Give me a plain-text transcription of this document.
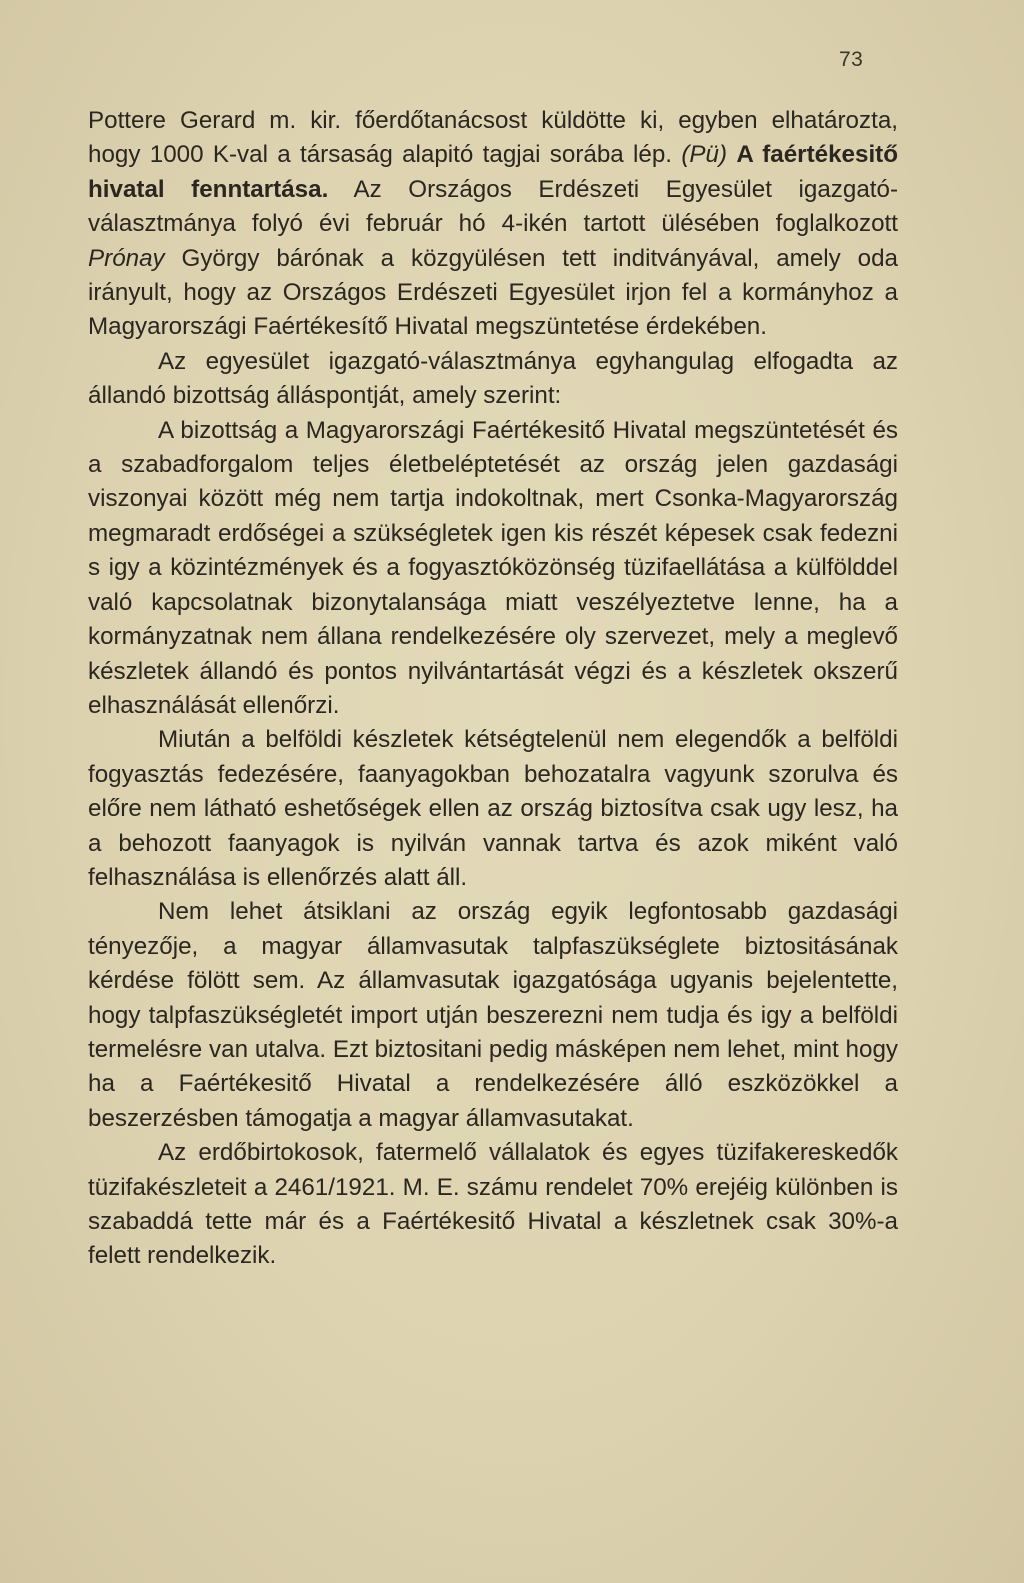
73

Pottere Gerard m. kir. főerdőtanácsost küldötte ki, egyben elhatározta, hogy 1000 K-val a társaság alapitó tagjai sorába lép. (Pü) A faértékesitő hivatal fenntartása. Az Országos Erdészeti Egyesület igazgató-választmánya folyó évi február hó 4-ikén tartott ülésében foglalkozott Prónay György bárónak a közgyülésen tett inditványával, amely oda irányult, hogy az Országos Erdészeti Egyesület irjon fel a kormányhoz a Magyarországi Faértékesítő Hivatal megszüntetése érdekében.

Az egyesület igazgató-választmánya egyhangulag elfogadta az állandó bizottság álláspontját, amely szerint:

A bizottság a Magyarországi Faértékesitő Hivatal megszüntetését és a szabadforgalom teljes életbeléptetését az ország jelen gazdasági viszonyai között még nem tartja indokoltnak, mert Csonka-Magyarország megmaradt erdőségei a szükségletek igen kis részét képesek csak fedezni s igy a közintézmények és a fogyasztóközönség tüzifaellátása a külfölddel való kapcsolatnak bizonytalansága miatt veszélyeztetve lenne, ha a kormányzatnak nem állana rendelkezésére oly szervezet, mely a meglevő készletek állandó és pontos nyilvántartását végzi és a készletek okszerű elhasználását ellenőrzi.

Miután a belföldi készletek kétségtelenül nem elegendők a belföldi fogyasztás fedezésére, faanyagokban behozatalra vagyunk szorulva és előre nem látható eshetőségek ellen az ország biztosítva csak ugy lesz, ha a behozott faanyagok is nyilván vannak tartva és azok miként való felhasználása is ellenőrzés alatt áll.

Nem lehet átsiklani az ország egyik legfontosabb gazdasági tényezője, a magyar államvasutak talpfaszükséglete biztositásának kérdése fölött sem. Az államvasutak igazgatósága ugyanis bejelentette, hogy talpfaszükségletét import utján beszerezni nem tudja és igy a belföldi termelésre van utalva. Ezt biztositani pedig másképen nem lehet, mint hogy ha a Faértékesitő Hivatal a rendelkezésére álló eszközökkel a beszerzésben támogatja a magyar államvasutakat.

Az erdőbirtokosok, fatermelő vállalatok és egyes tüzifakereskedők tüzifakészleteit a 2461/1921. M. E. számu rendelet 70% erejéig különben is szabaddá tette már és a Faértékesitő Hivatal a készletnek csak 30%-a felett rendelkezik.
